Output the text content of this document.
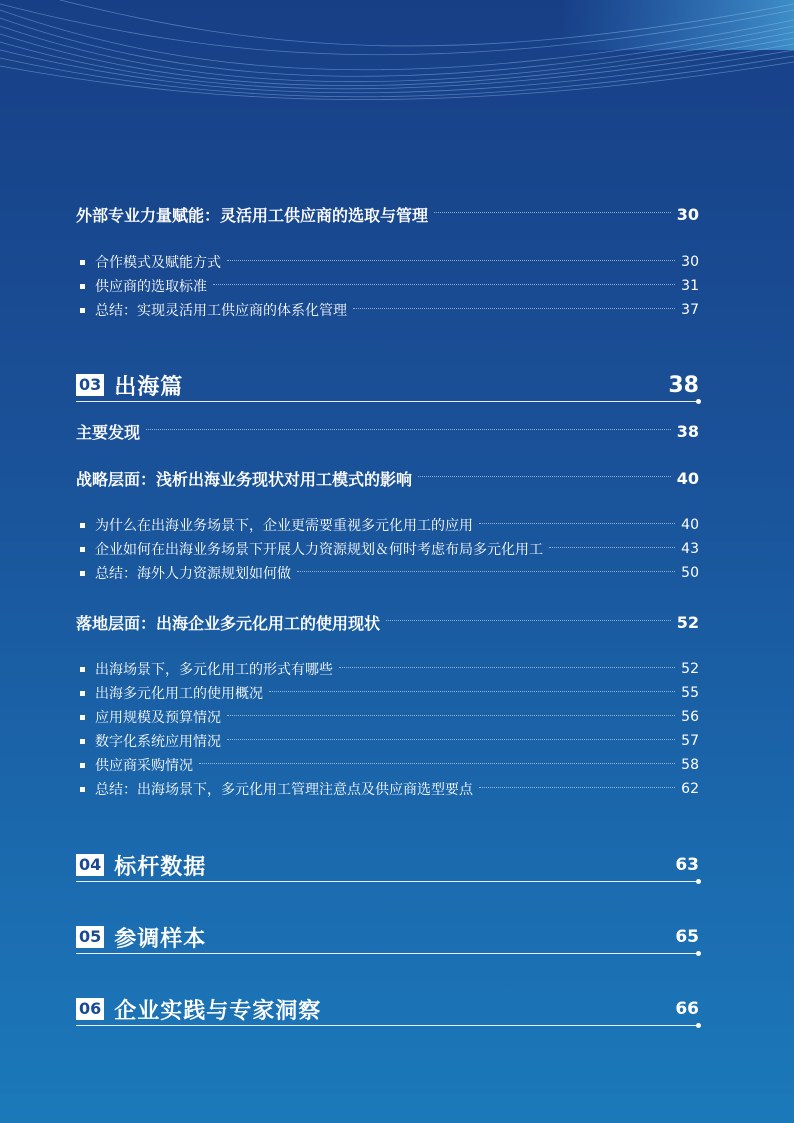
外部专业力量赋能：灵活用工供应商的选取与管理	30
合作模式及赋能方式	30
供应商的选取标准	31
总结：实现灵活用工供应商的体系化管理	37
03 出海篇	38
主要发现	38
战略层面：浅析出海业务现状对用工模式的影响	40
为什么在出海业务场景下，企业更需要重视多元化用工的应用	40
企业如何在出海业务场景下开展人力资源规划＆何时考虑布局多元化用工	43
总结：海外人力资源规划如何做	50
落地层面：出海企业多元化用工的使用现状	52
出海场景下，多元化用工的形式有哪些	52
出海多元化用工的使用概况	55
应用规模及预算情况	56
数字化系统应用情况	57
供应商采购情况	58
总结：出海场景下，多元化用工管理注意点及供应商选型要点	62
04 标杆数据	63
05 参调样本	65
06 企业实践与专家洞察	66
